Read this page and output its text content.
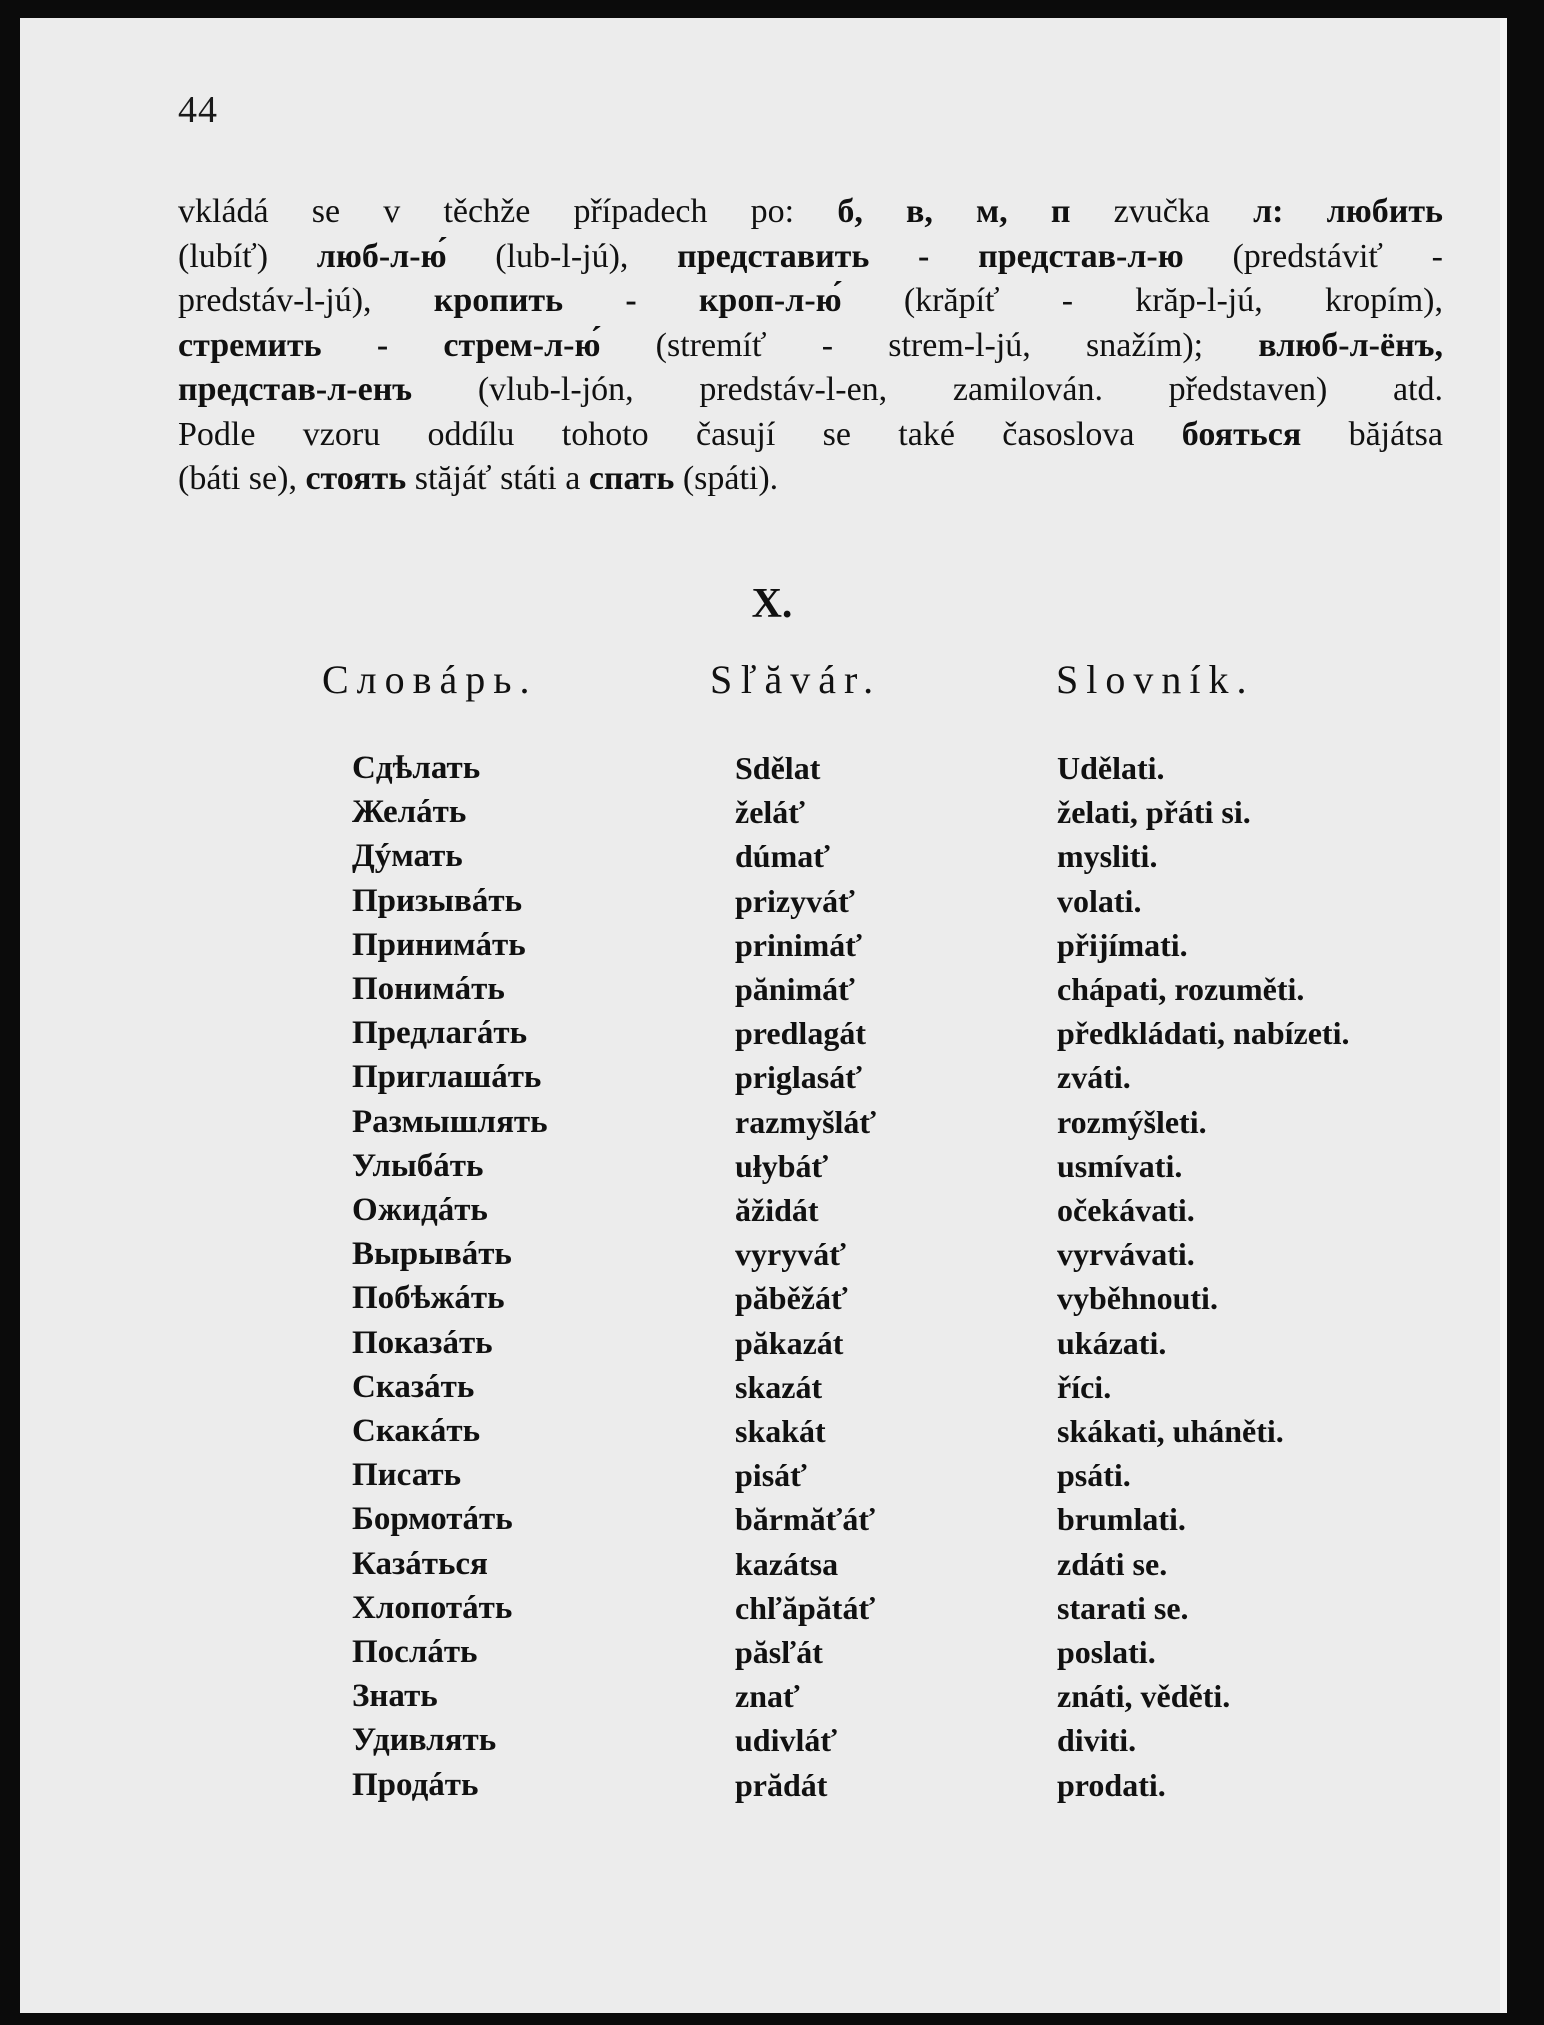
44

vkládá se v těchže případech po: б, в, м, п zvučka л: любить
(lubíť) люб-л-ю́ (lub-l-jú), представить - представ-л-ю (predstáviť -
predstáv-l-jú), кропить - кроп-л-ю́ (krăpíť - krăp-l-jú, kropím),
стремить - стрем-л-ю́ (stremíť - strem-l-jú, snažím); влюб-л-ёнъ,
представ-л-енъ (vlub-l-jón, predstáv-l-en, zamilován. představen) atd.
Podle vzoru oddílu tohoto časují se také časoslova бояться băjátsa
(báti se), стоять stăjáť státi a спать (spáti).

X.
Словáрь.	Sľăvár.	Slovník.
Сдѣлать
Желáть
Дýмать
Призывáть
Принимáть
Понимáть
Предлагáть
Приглашáть
Размышлять
Улыбáть
Ожидáть
Вырывáть
Побѣжáть
Показáть
Сказáть
Скакáть
Писать
Бормотáть
Казáться
Хлопотáть
Послáть
Знать
Удивлять
Продáть
Sdělat
želáť
dúmať
prizyváť
prinimáť
pănimáť
predlagát
priglasáť
razmyšláť
ułybáť
ăžidát
vyryváť
păběžáť
păkazát
skazát
skakát
pisáť
bărmăťáť
kazátsa
chľăpătáť
păsľát
znať
udivláť
prădát
Udělati.
želati, přáti si.
mysliti.
volati.
přijímati.
chápati, rozuměti.
předkládati, nabízeti.
zváti.
rozmýšleti.
usmívati.
očekávati.
vyrvávati.
vyběhnouti.
ukázati.
říci.
skákati, uháněti.
psáti.
brumlati.
zdáti se.
starati se.
poslati.
znáti, věděti.
diviti.
prodati.
